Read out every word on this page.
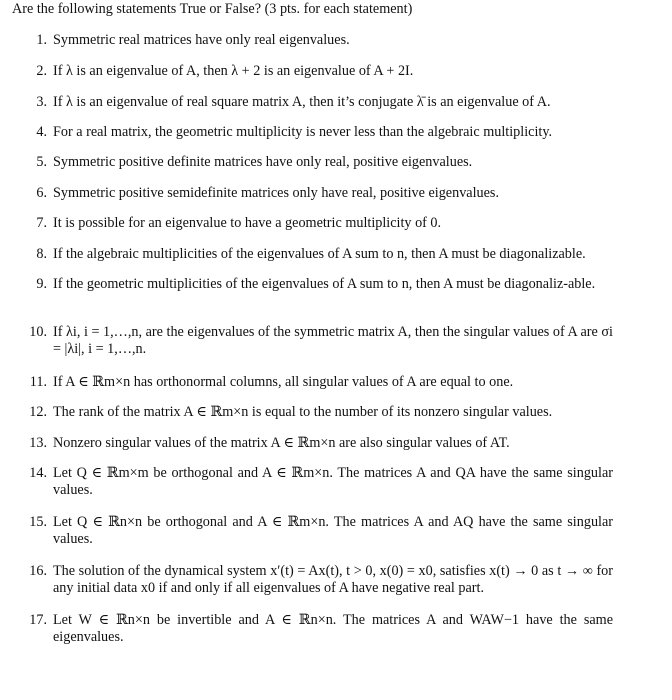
Are the following statements True or False? (3 pts. for each statement)
1. Symmetric real matrices have only real eigenvalues.
2. If λ is an eigenvalue of A, then λ + 2 is an eigenvalue of A + 2I.
3. If λ is an eigenvalue of real square matrix A, then it’s conjugate λ̄ is an eigenvalue of A.
4. For a real matrix, the geometric multiplicity is never less than the algebraic multiplicity.
5. Symmetric positive definite matrices have only real, positive eigenvalues.
6. Symmetric positive semidefinite matrices only have real, positive eigenvalues.
7. It is possible for an eigenvalue to have a geometric multiplicity of 0.
8. If the algebraic multiplicities of the eigenvalues of A sum to n, then A must be diagonalizable.
9. If the geometric multiplicities of the eigenvalues of A sum to n, then A must be diagonaliz-able.
10. If λi, i = 1,…,n, are the eigenvalues of the symmetric matrix A, then the singular values of A are σi = |λi|, i = 1,…,n.
11. If A ∈ ℝm×n has orthonormal columns, all singular values of A are equal to one.
12. The rank of the matrix A ∈ ℝm×n is equal to the number of its nonzero singular values.
13. Nonzero singular values of the matrix A ∈ ℝm×n are also singular values of AT.
14. Let Q ∈ ℝm×m be orthogonal and A ∈ ℝm×n. The matrices A and QA have the same singular values.
15. Let Q ∈ ℝn×n be orthogonal and A ∈ ℝm×n. The matrices A and AQ have the same singular values.
16. The solution of the dynamical system x′(t) = Ax(t), t > 0, x(0) = x0, satisfies x(t) → 0 as t → ∞ for any initial data x0 if and only if all eigenvalues of A have negative real part.
17. Let W ∈ ℝn×n be invertible and A ∈ ℝn×n. The matrices A and WAW−1 have the same eigenvalues.
